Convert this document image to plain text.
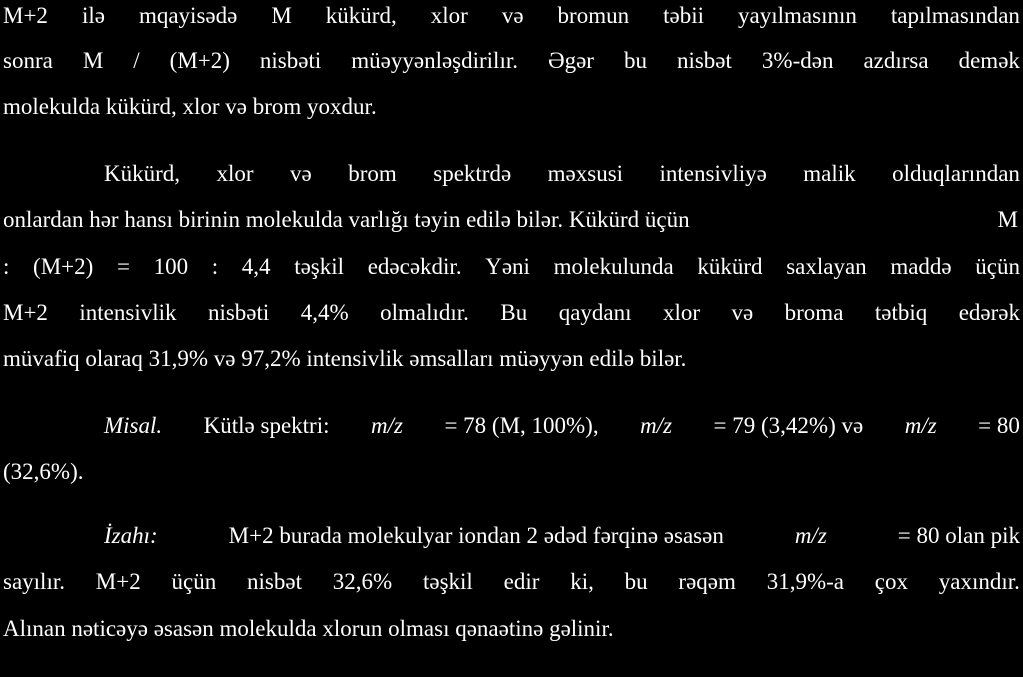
M+2 ilə mqayisədə M kükürd, xlor və bromun təbii yayılmasının tapılmasından
sonra M / (M+2) nisbəti müəyyənləşdirilır. Əgər bu nisbət 3%-dən azdırsa demək
molekulda kükürd, xlor və brom yoxdur.
Kükürd, xlor və brom spektrdə məxsusi intensivliyə malik olduqlarından
onlardan hər hansı birinin molekulda varlığı təyin edilə bilər. Kükürd üçün	M
: (M+2) = 100 : 4,4 təşkil edəcəkdir. Yəni molekulunda kükürd saxlayan maddə üçün
M+2 intensivlik nisbəti 4,4% olmalıdır. Bu qaydanı xlor və broma tətbiq edərək
müvafiq olaraq 31,9% və 97,2% intensivlik əmsalları müəyyən edilə bilər.
Misal. Kütlə spektri: m/z = 78 (M, 100%), m/z = 79 (3,42%) və m/z = 80
(32,6%).
İzahı:	M+2 burada molekulyar iondan 2 ədəd fərqinə əsasən	m/z	= 80 olan pik
sayılır. M+2 üçün nisbət 32,6% təşkil edir ki, bu rəqəm 31,9%-a çox yaxındır.
Alınan nəticəyə əsasən molekulda xlorun olması qənaətinə gəlinir.
